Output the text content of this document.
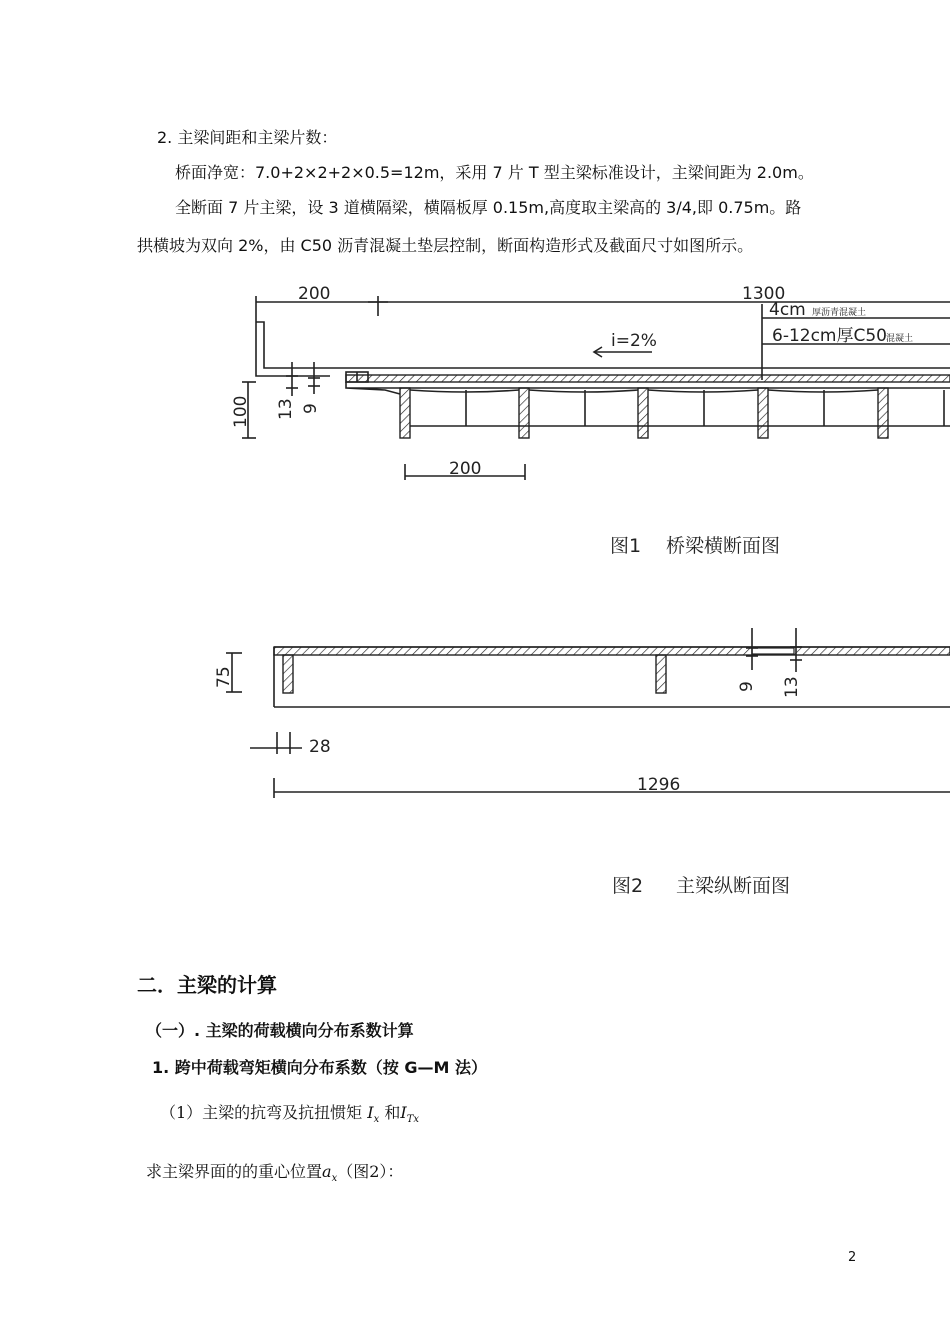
2. 主梁间距和主梁片数：
桥面净宽：7.0+2×2+2×0.5=12m，采用 7 片 T 型主梁标准设计，主梁间距为 2.0m。
全断面 7 片主梁，设 3 道横隔梁，横隔板厚 0.15m,高度取主梁高的 3/4,即 0.75m。路
拱横坡为双向 2%，由 C50 沥青混凝土垫层控制，断面构造形式及截面尺寸如图所示。
200	1300
4cm 厚沥青混凝土
6-12cm厚C50 混凝土
i=2%
100 13 9
200
图1 桥梁横断面图
75	9 13
28
1296
图2 主梁纵断面图
二．主梁的计算
（一）. 主梁的荷载横向分布系数计算
1. 跨中荷载弯矩横向分布系数（按 G—M 法）
（1）主梁的抗弯及抗扭惯矩 $I_x$ 和$I_{Tx}$
求主梁界面的的重心位置$a_x$（图2）：
2
